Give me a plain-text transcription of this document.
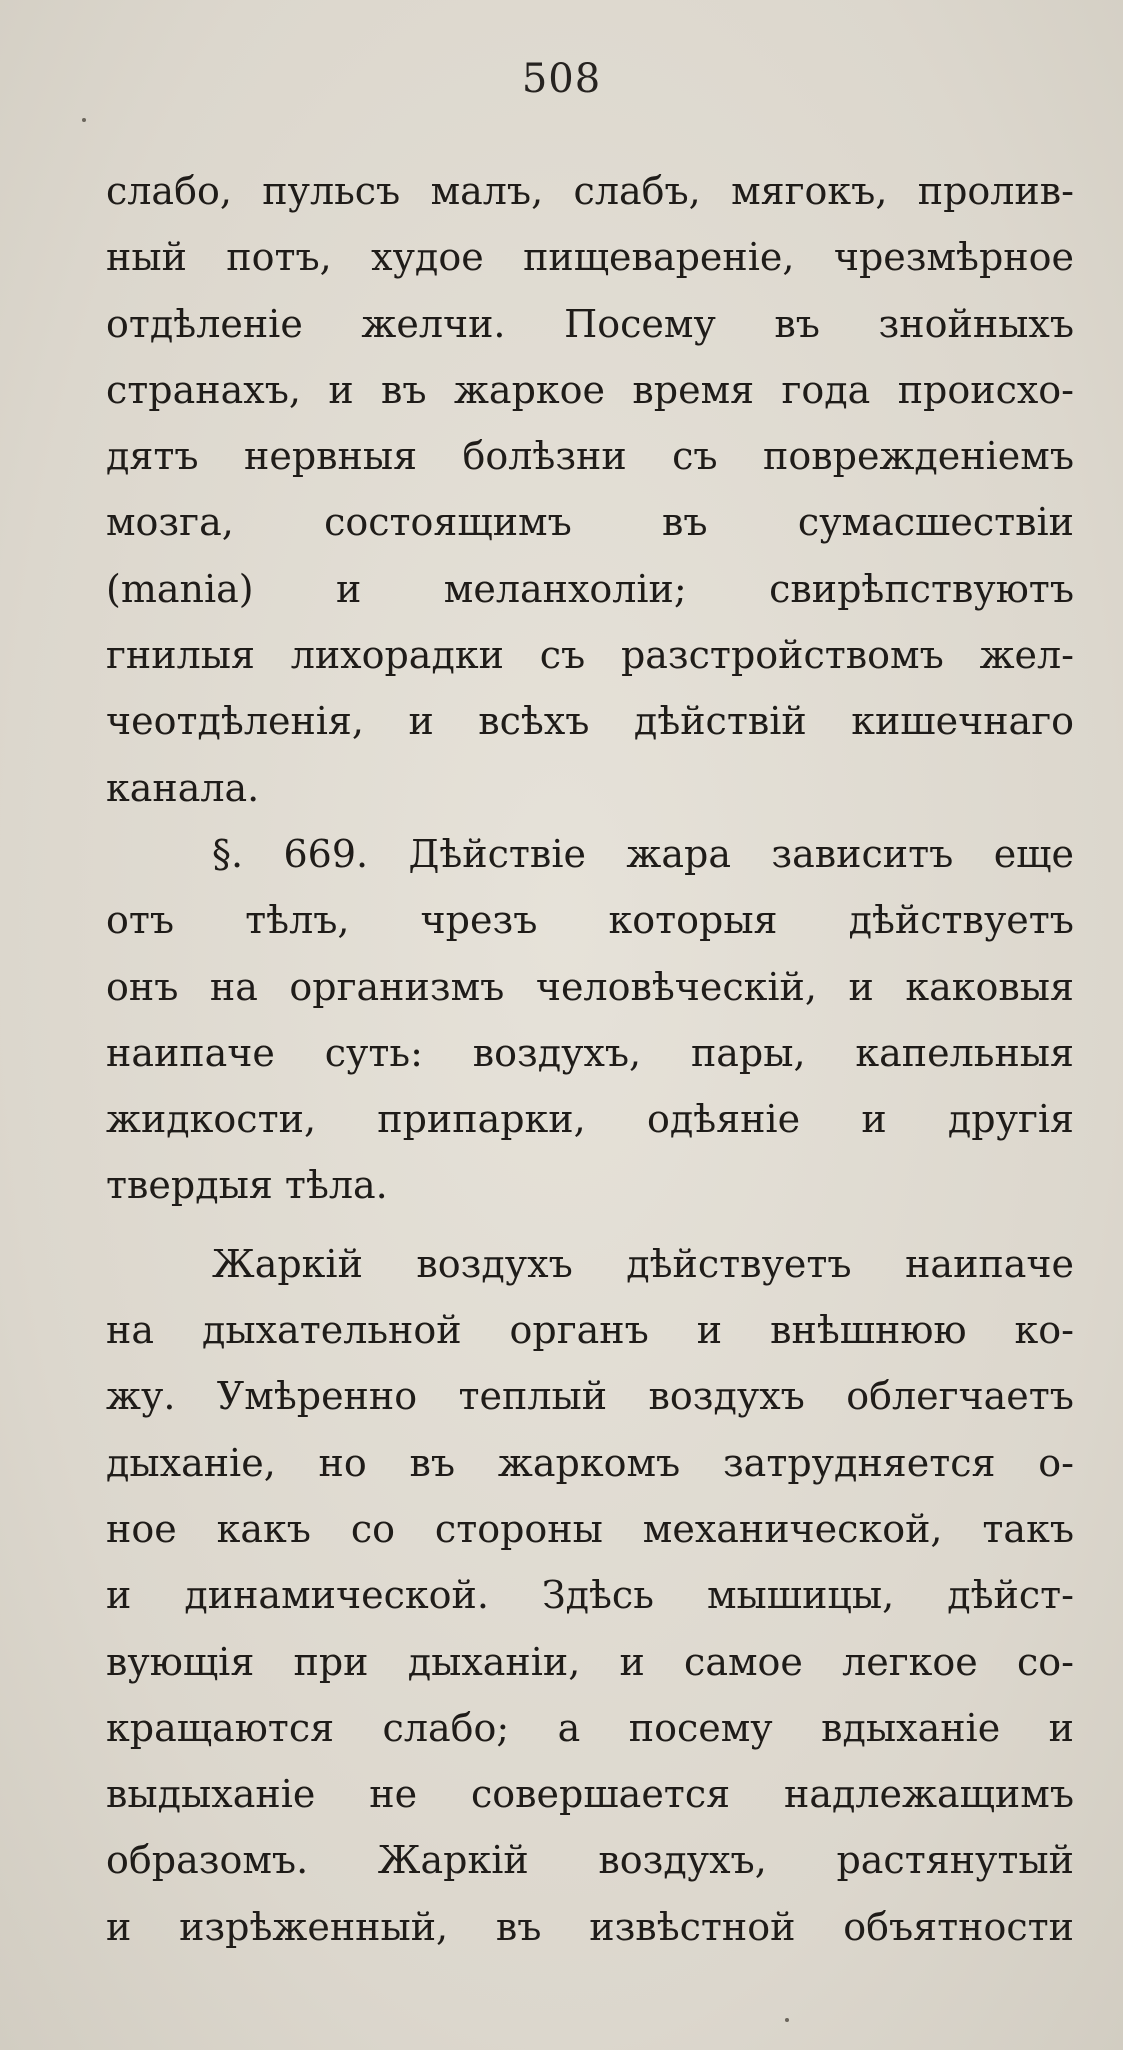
508
слабо, пульсъ малъ, слабъ, мягокъ, пролив-
ный потъ, худое пищевареніе, чрезмѣрное
отдѣленіе желчи. Посему въ знойныхъ
странахъ, и въ жаркое время года происхо-
дятъ нервныя болѣзни съ поврежденіемъ
мозга, состоящимъ въ сумасшествіи
(mania) и меланхоліи; свирѣпствуютъ
гнилыя лихорадки съ разстройствомъ жел-
чеотдѣленія, и всѣхъ дѣйствій кишечнаго
канала.
§. 669. Дѣйствіе жара зависитъ еще
отъ тѣлъ, чрезъ которыя дѣйствуетъ
онъ на организмъ человѣческій, и каковыя
наипаче суть: воздухъ, пары, капельныя
жидкости, припарки, одѣяніе и другія
твердыя тѣла.
Жаркій воздухъ дѣйствуетъ наипаче
на дыхательной органъ и внѣшнюю ко-
жу. Умѣренно теплый воздухъ облегчаетъ
дыханіе, но въ жаркомъ затрудняется о-
ное какъ со стороны механической, такъ
и динамической. Здѣсь мышицы, дѣйст-
вующія при дыханіи, и самое легкое со-
кращаются слабо; а посему вдыханіе и
выдыханіе не совершается надлежащимъ
образомъ. Жаркій воздухъ, растянутый
и изрѣженный, въ извѣстной объятности
